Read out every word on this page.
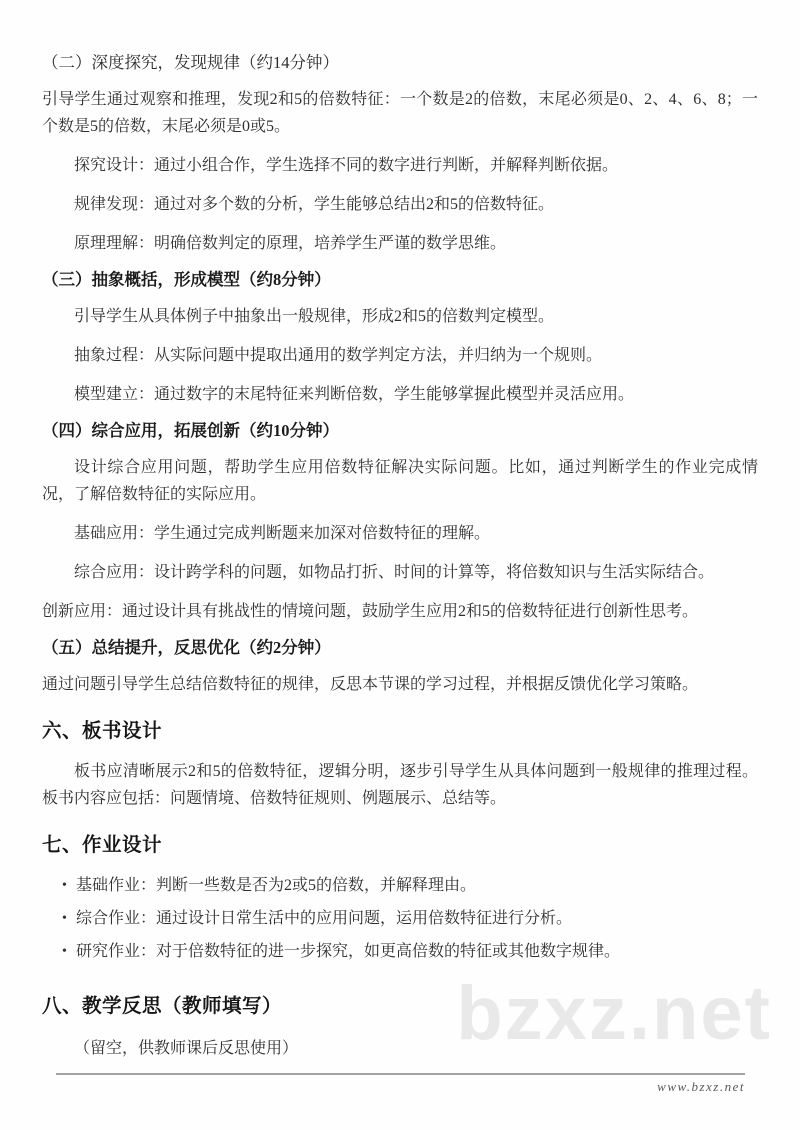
（二）深度探究，发现规律（约14分钟）

引导学生通过观察和推理，发现2和5的倍数特征：一个数是2的倍数，末尾必须是0、2、4、6、8；一个数是5的倍数，末尾必须是0或5。

探究设计：通过小组合作，学生选择不同的数字进行判断，并解释判断依据。

规律发现：通过对多个数的分析，学生能够总结出2和5的倍数特征。

原理理解：明确倍数判定的原理，培养学生严谨的数学思维。

（三）抽象概括，形成模型（约8分钟）

引导学生从具体例子中抽象出一般规律，形成2和5的倍数判定模型。

抽象过程：从实际问题中提取出通用的数学判定方法，并归纳为一个规则。

模型建立：通过数字的末尾特征来判断倍数，学生能够掌握此模型并灵活应用。

（四）综合应用，拓展创新（约10分钟）

设计综合应用问题，帮助学生应用倍数特征解决实际问题。比如，通过判断学生的作业完成情况，了解倍数特征的实际应用。

基础应用：学生通过完成判断题来加深对倍数特征的理解。

综合应用：设计跨学科的问题，如物品打折、时间的计算等，将倍数知识与生活实际结合。

创新应用：通过设计具有挑战性的情境问题，鼓励学生应用2和5的倍数特征进行创新性思考。

（五）总结提升，反思优化（约2分钟）

通过问题引导学生总结倍数特征的规律，反思本节课的学习过程，并根据反馈优化学习策略。

六、板书设计

板书应清晰展示2和5的倍数特征，逻辑分明，逐步引导学生从具体问题到一般规律的推理过程。板书内容应包括：问题情境、倍数特征规则、例题展示、总结等。

七、作业设计
• 基础作业：判断一些数是否为2或5的倍数，并解释理由。
• 综合作业：通过设计日常生活中的应用问题，运用倍数特征进行分析。
• 研究作业：对于倍数特征的进一步探究，如更高倍数的特征或其他数字规律。
八、教学反思（教师填写）

（留空，供教师课后反思使用）	bzxz.net
www.bzxz.net
